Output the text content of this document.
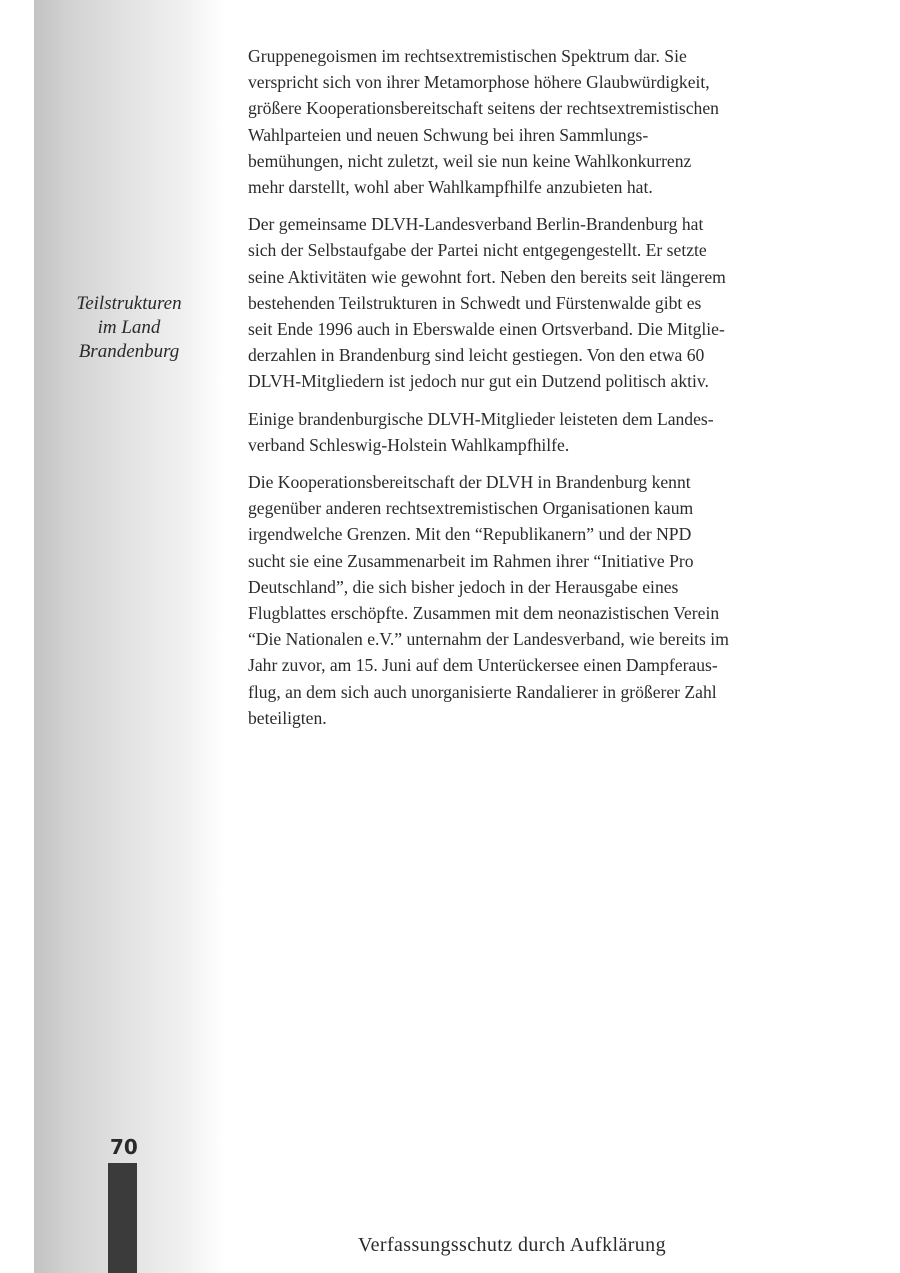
Teilstrukturen
im Land
Brandenburg

Gruppenegoismen im rechtsextremistischen Spektrum dar. Sie
verspricht sich von ihrer Metamorphose höhere Glaubwürdigkeit,
größere Kooperationsbereitschaft seitens der rechtsextremistischen
Wahlparteien und neuen Schwung bei ihren Sammlungs-
bemühungen, nicht zuletzt, weil sie nun keine Wahlkonkurrenz
mehr darstellt, wohl aber Wahlkampfhilfe anzubieten hat.

Der gemeinsame DLVH-Landesverband Berlin-Brandenburg hat
sich der Selbstaufgabe der Partei nicht entgegengestellt. Er setzte
seine Aktivitäten wie gewohnt fort. Neben den bereits seit längerem
bestehenden Teilstrukturen in Schwedt und Fürstenwalde gibt es
seit Ende 1996 auch in Eberswalde einen Ortsverband. Die Mitglie-
derzahlen in Brandenburg sind leicht gestiegen. Von den etwa 60
DLVH-Mitgliedern ist jedoch nur gut ein Dutzend politisch aktiv.

Einige brandenburgische DLVH-Mitglieder leisteten dem Landes-
verband Schleswig-Holstein Wahlkampfhilfe.

Die Kooperationsbereitschaft der DLVH in Brandenburg kennt
gegenüber anderen rechtsextremistischen Organisationen kaum
irgendwelche Grenzen. Mit den “Republikanern” und der NPD
sucht sie eine Zusammenarbeit im Rahmen ihrer “Initiative Pro
Deutschland”, die sich bisher jedoch in der Herausgabe eines
Flugblattes erschöpfte. Zusammen mit dem neonazistischen Verein
“Die Nationalen e.V.” unternahm der Landesverband, wie bereits im
Jahr zuvor, am 15. Juni auf dem Unterückersee einen Dampferaus-
flug, an dem sich auch unorganisierte Randalierer in größerer Zahl
beteiligten.

70
Verfassungsschutz durch Aufklärung
